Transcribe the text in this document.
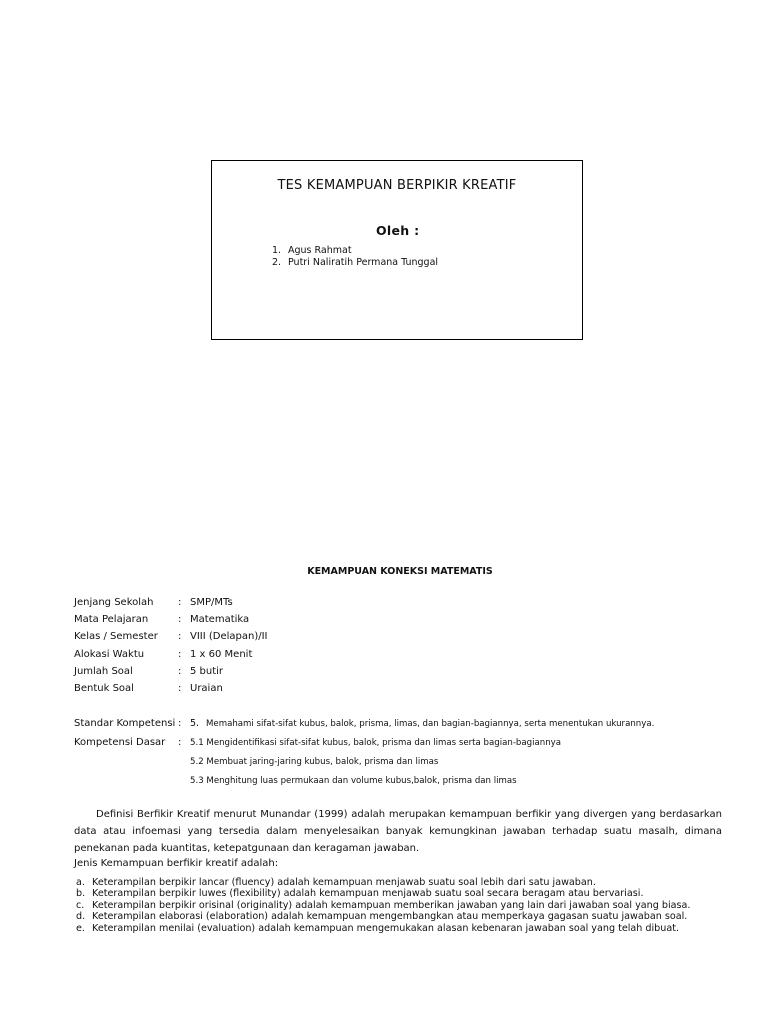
TES KEMAMPUAN BERPIKIR KREATIF
Oleh :
1. Agus Rahmat
2. Putri Naliratih Permana Tunggal
KEMAMPUAN KONEKSI MATEMATIS
Jenjang Sekolah	: SMP/MTs
Mata Pelajaran	: Matematika
Kelas / Semester	: VIII (Delapan)/II
Alokasi Waktu	: 1 x 60 Menit
Jumlah Soal	: 5 butir
Bentuk Soal	: Uraian
Standar Kompetensi : 5. Memahami sifat-sifat kubus, balok, prisma, limas, dan bagian-bagiannya, serta menentukan ukurannya.
Kompetensi Dasar	:	5.1 Mengidentifikasi sifat-sifat kubus, balok, prisma dan limas serta bagian-bagiannya
5.2 Membuat jaring-jaring kubus, balok, prisma dan limas
5.3 Menghitung luas permukaan dan volume kubus,balok, prisma dan limas

Definisi Berfikir Kreatif menurut Munandar (1999) adalah merupakan kemampuan berfikir yang divergen yang berdasarkan data atau infoemasi yang tersedia dalam menyelesaikan banyak kemungkinan jawaban terhadap suatu masalh, dimana penekanan pada kuantitas, ketepatgunaan dan keragaman jawaban.

Jenis Kemampuan berfikir kreatif adalah:
a. Keterampilan berpikir lancar (fluency) adalah kemampuan menjawab suatu soal lebih dari satu jawaban.
b. Keterampilan berpikir luwes (flexibility) adalah kemampuan menjawab suatu soal secara beragam atau bervariasi.
c. Keterampilan berpikir orisinal (originality) adalah kemampuan memberikan jawaban yang lain dari jawaban soal yang biasa.
d. Keterampilan elaborasi (elaboration) adalah kemampuan mengembangkan atau memperkaya gagasan suatu jawaban soal.
e. Keterampilan menilai (evaluation) adalah kemampuan mengemukakan alasan kebenaran jawaban soal yang telah dibuat.
